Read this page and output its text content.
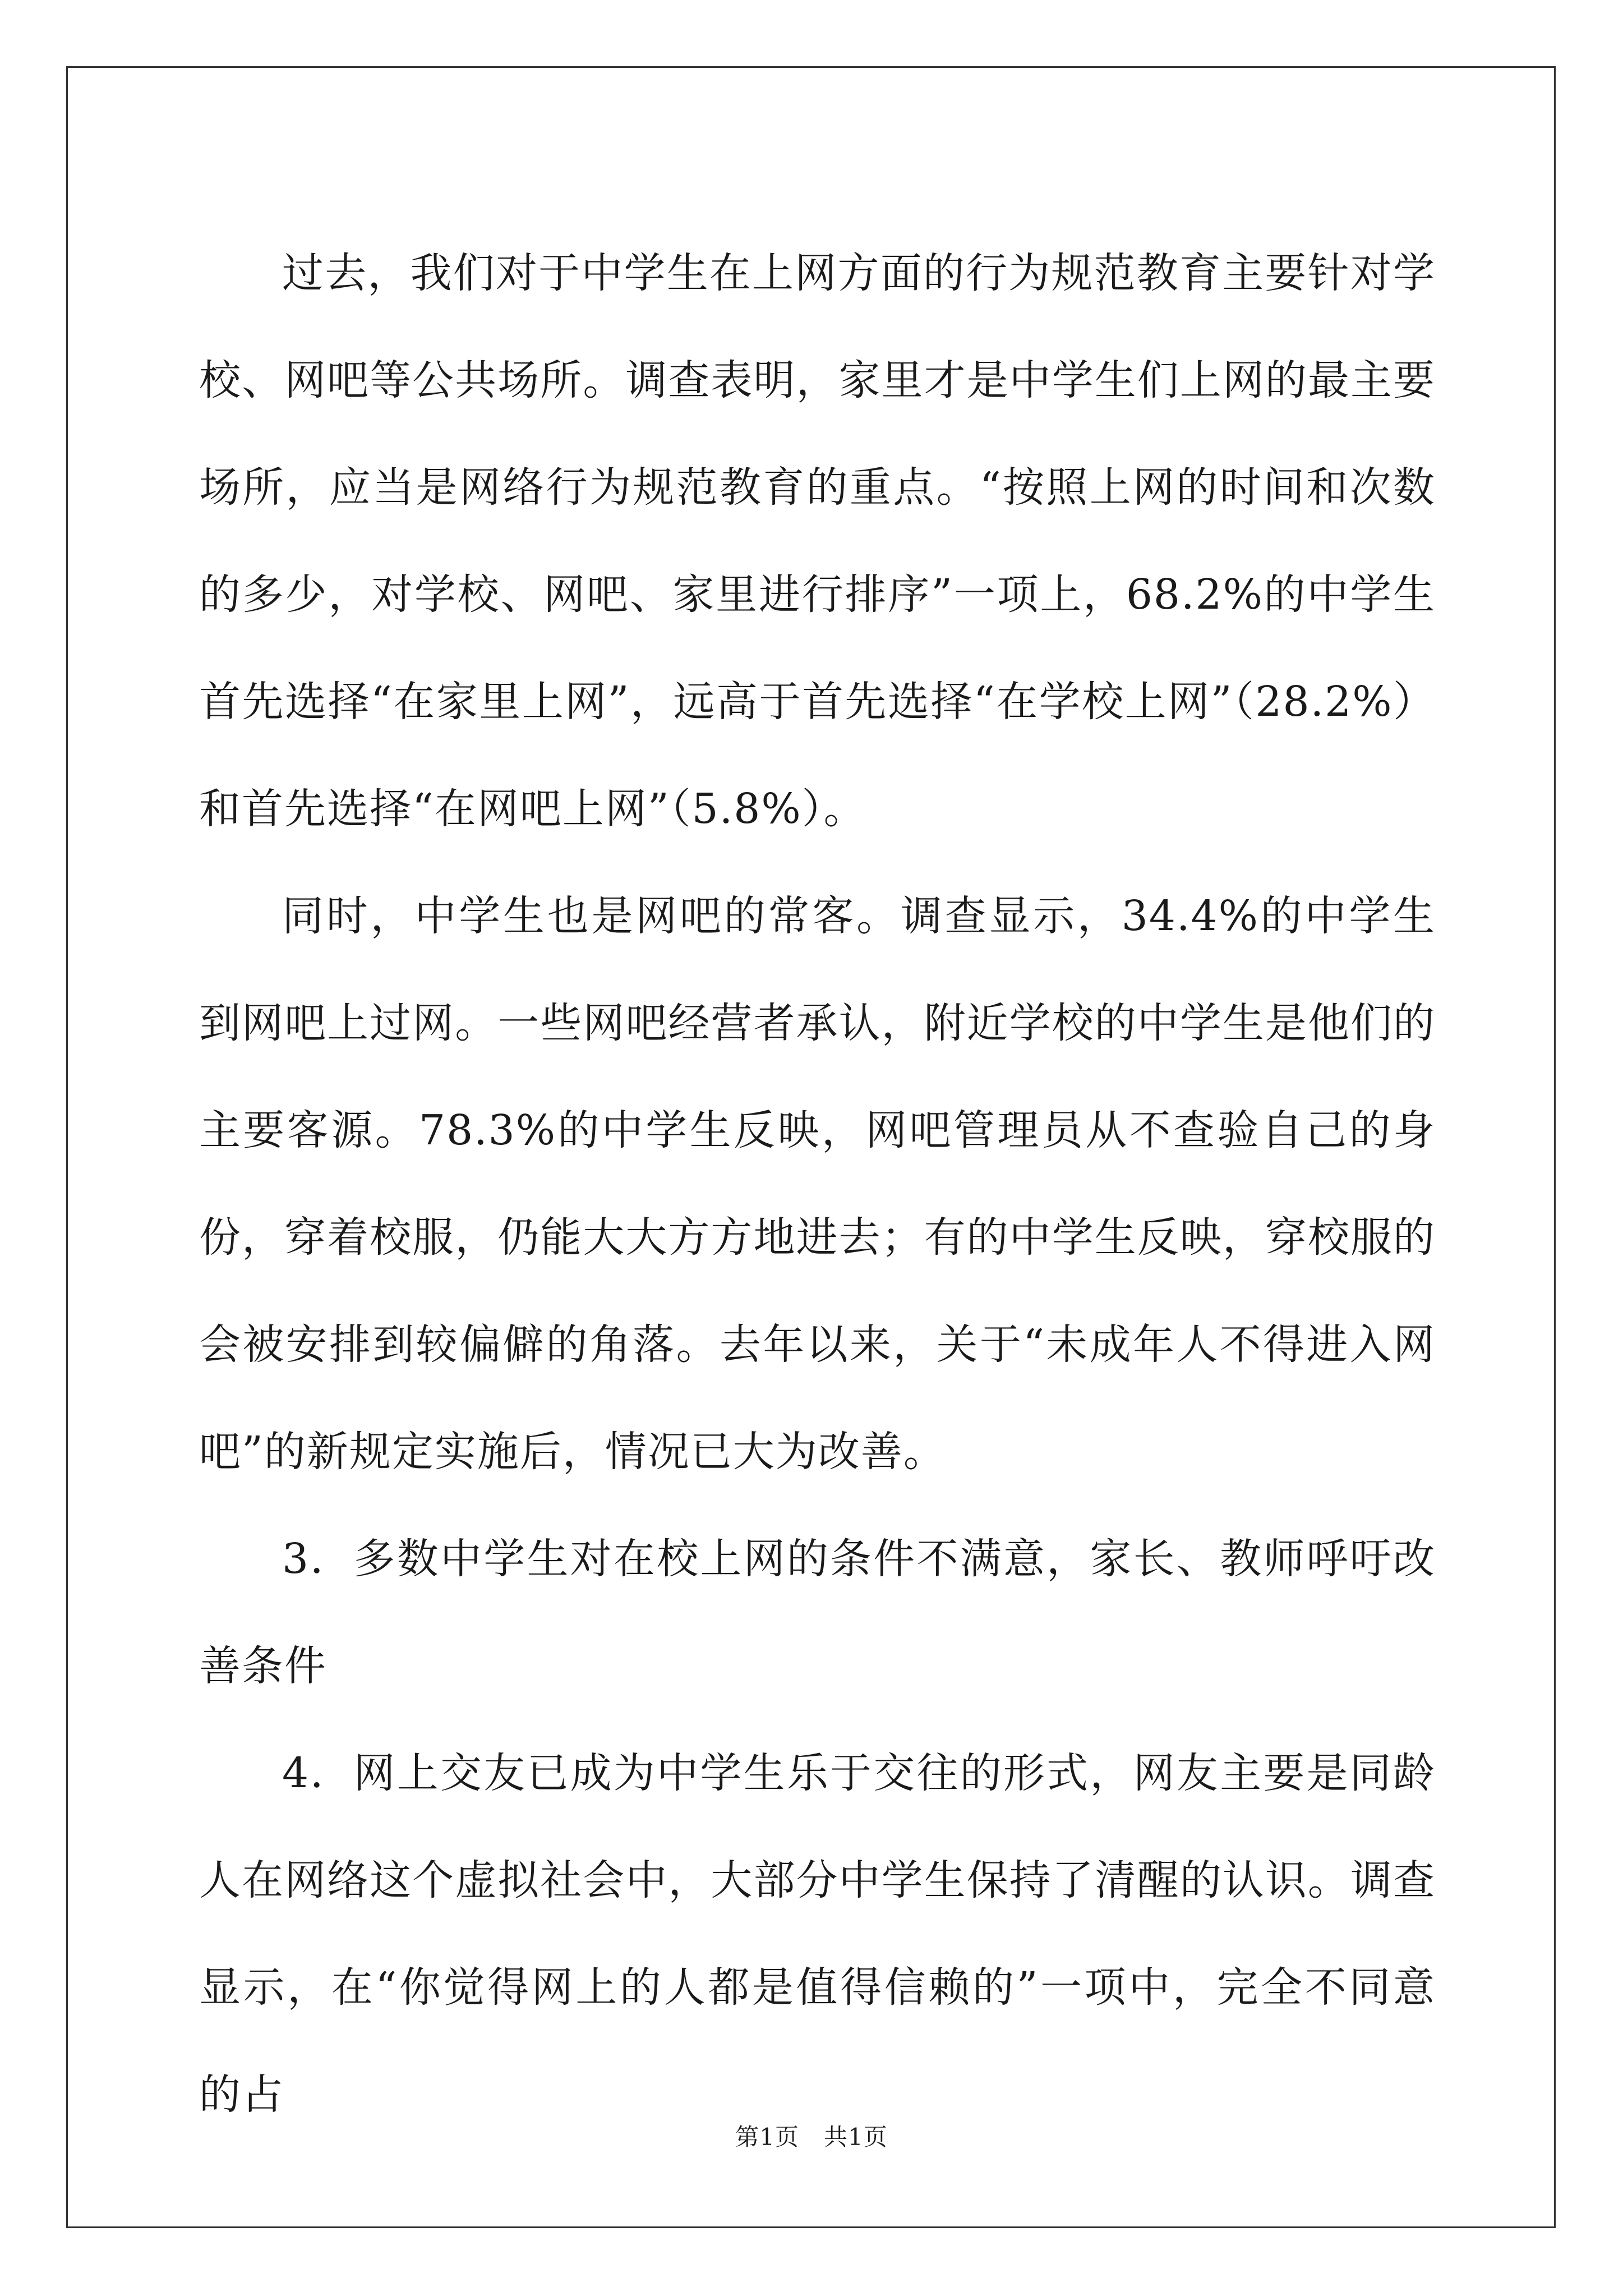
过去，我们对于中学生在上网方面的行为规范教育主要针对学校、网吧等公共场所。调查表明，家里才是中学生们上网的最主要场所，应当是网络行为规范教育的重点。“按照上网的时间和次数的多少，对学校、网吧、家里进行排序”一项上，68.2%的中学生首先选择“在家里上网”，远高于首先选择“在学校上网”（28.2%）和首先选择“在网吧上网”（5.8%）。

同时，中学生也是网吧的常客。调查显示，34.4%的中学生到网吧上过网。一些网吧经营者承认，附近学校的中学生是他们的主要客源。78.3%的中学生反映，网吧管理员从不查验自己的身份，穿着校服，仍能大大方方地进去；有的中学生反映，穿校服的会被安排到较偏僻的角落。去年以来，关于“未成年人不得进入网吧”的新规定实施后，情况已大为改善。

3．多数中学生对在校上网的条件不满意，家长、教师呼吁改善条件

4．网上交友已成为中学生乐于交往的形式，网友主要是同龄人在网络这个虚拟社会中，大部分中学生保持了清醒的认识。调查显示，在“你觉得网上的人都是值得信赖的”一项中，完全不同意的占

第1页 共1页
